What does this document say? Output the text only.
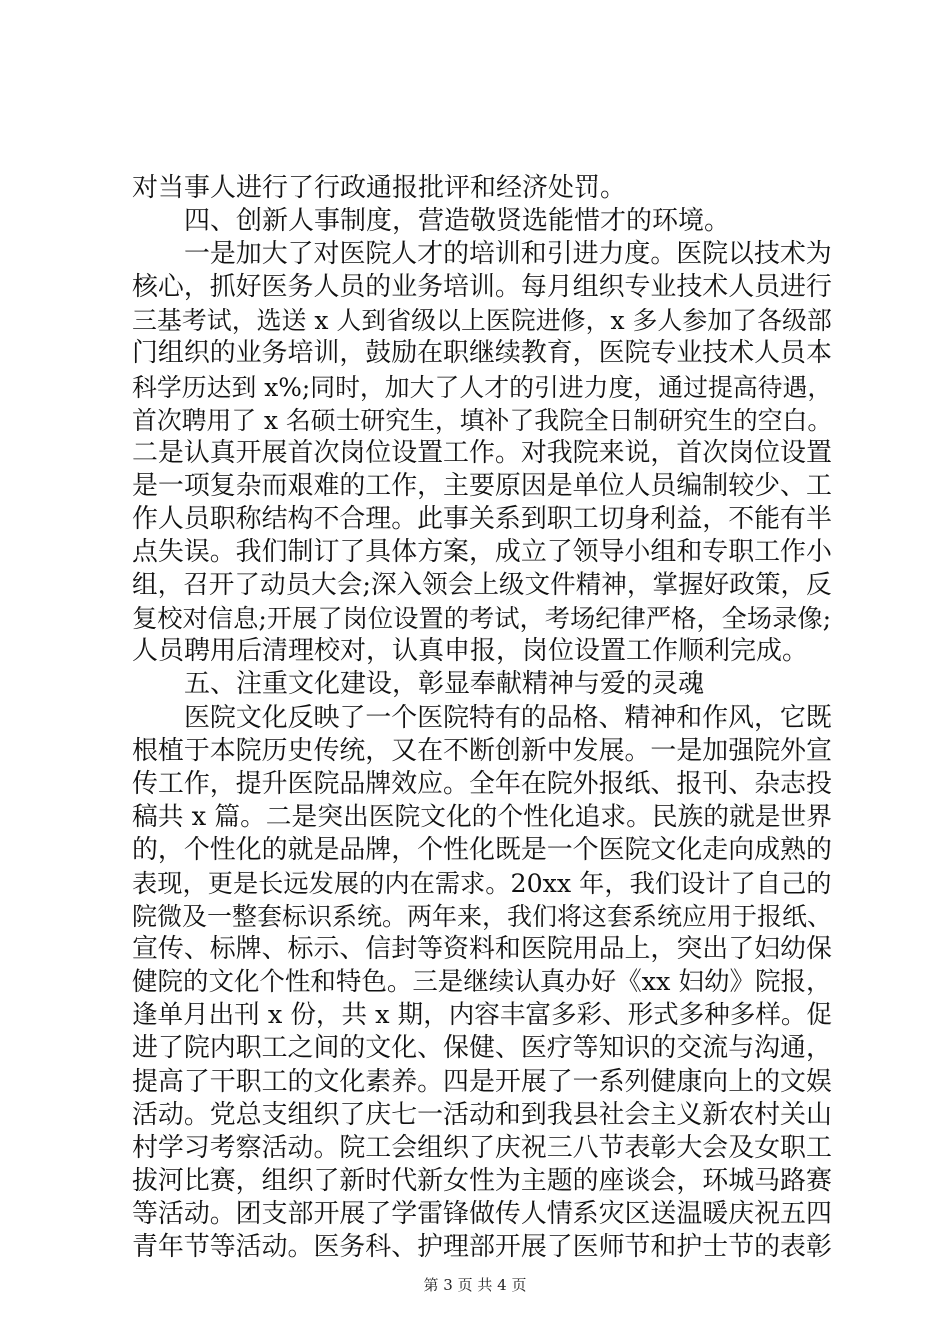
对当事人进行了行政通报批评和经济处罚。
四、创新人事制度，营造敬贤选能惜才的环境。
一是加大了对医院人才的培训和引进力度。医院以技术为
核心，抓好医务人员的业务培训。每月组织专业技术人员进行
三基考试，选送 x 人到省级以上医院进修，x 多人参加了各级部
门组织的业务培训，鼓励在职继续教育，医院专业技术人员本
科学历达到 x%;同时，加大了人才的引进力度，通过提高待遇，
首次聘用了 x 名硕士研究生，填补了我院全日制研究生的空白。
二是认真开展首次岗位设置工作。对我院来说，首次岗位设置
是一项复杂而艰难的工作，主要原因是单位人员编制较少、工
作人员职称结构不合理。此事关系到职工切身利益，不能有半
点失误。我们制订了具体方案，成立了领导小组和专职工作小
组，召开了动员大会;深入领会上级文件精神，掌握好政策，反
复校对信息;开展了岗位设置的考试，考场纪律严格，全场录像;
人员聘用后清理校对，认真申报，岗位设置工作顺利完成。
五、注重文化建设，彰显奉献精神与爱的灵魂
医院文化反映了一个医院特有的品格、精神和作风，它既
根植于本院历史传统，又在不断创新中发展。一是加强院外宣
传工作，提升医院品牌效应。全年在院外报纸、报刊、杂志投
稿共 x 篇。二是突出医院文化的个性化追求。民族的就是世界
的，个性化的就是品牌，个性化既是一个医院文化走向成熟的
表现，更是长远发展的内在需求。20xx 年，我们设计了自己的
院微及一整套标识系统。两年来，我们将这套系统应用于报纸、
宣传、标牌、标示、信封等资料和医院用品上，突出了妇幼保
健院的文化个性和特色。三是继续认真办好《xx 妇幼》院报，
逢单月出刊 x 份，共 x 期，内容丰富多彩、形式多种多样。促
进了院内职工之间的文化、保健、医疗等知识的交流与沟通，
提高了干职工的文化素养。四是开展了一系列健康向上的文娱
活动。党总支组织了庆七一活动和到我县社会主义新农村关山
村学习考察活动。院工会组织了庆祝三八节表彰大会及女职工
拔河比赛，组织了新时代新女性为主题的座谈会，环城马路赛
等活动。团支部开展了学雷锋做传人情系灾区送温暖庆祝五四
青年节等活动。医务科、护理部开展了医师节和护士节的表彰
第 3 页 共 4 页
